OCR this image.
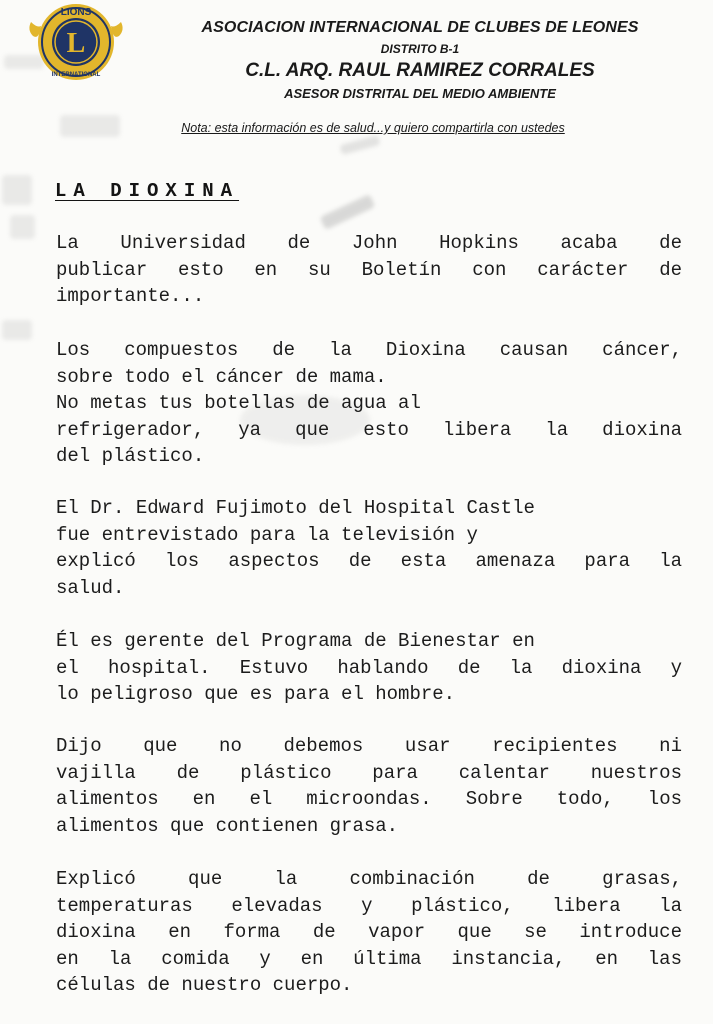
L
LIONS
INTERNATIONAL
ASOCIACION INTERNACIONAL DE CLUBES DE LEONES
DISTRITO B-1
C.L. ARQ. RAUL RAMIREZ CORRALES
ASESOR DISTRITAL DEL MEDIO AMBIENTE
Nota: esta información es de salud...y quiero compartirla con ustedes
LA DIOXINA
La Universidad de John Hopkins acaba de
publicar esto en su Boletín con carácter de
importante...
Los compuestos de la Dioxina causan cáncer,
sobre todo el cáncer de mama.
No metas tus botellas de agua al
refrigerador, ya que esto libera la dioxina
del plástico.
El Dr. Edward Fujimoto del Hospital Castle
fue entrevistado para la televisión y
explicó los aspectos de esta amenaza para la
salud.
Él es gerente del Programa de Bienestar en
el hospital. Estuvo hablando de la dioxina y
lo peligroso que es para el hombre.
Dijo que no debemos usar recipientes ni
vajilla de plástico para calentar nuestros
alimentos en el microondas. Sobre todo, los
alimentos que contienen grasa.
Explicó que la combinación de grasas,
temperaturas elevadas y plástico, libera la
dioxina en forma de vapor que se introduce
en la comida y en última instancia, en las
células de nuestro cuerpo.
